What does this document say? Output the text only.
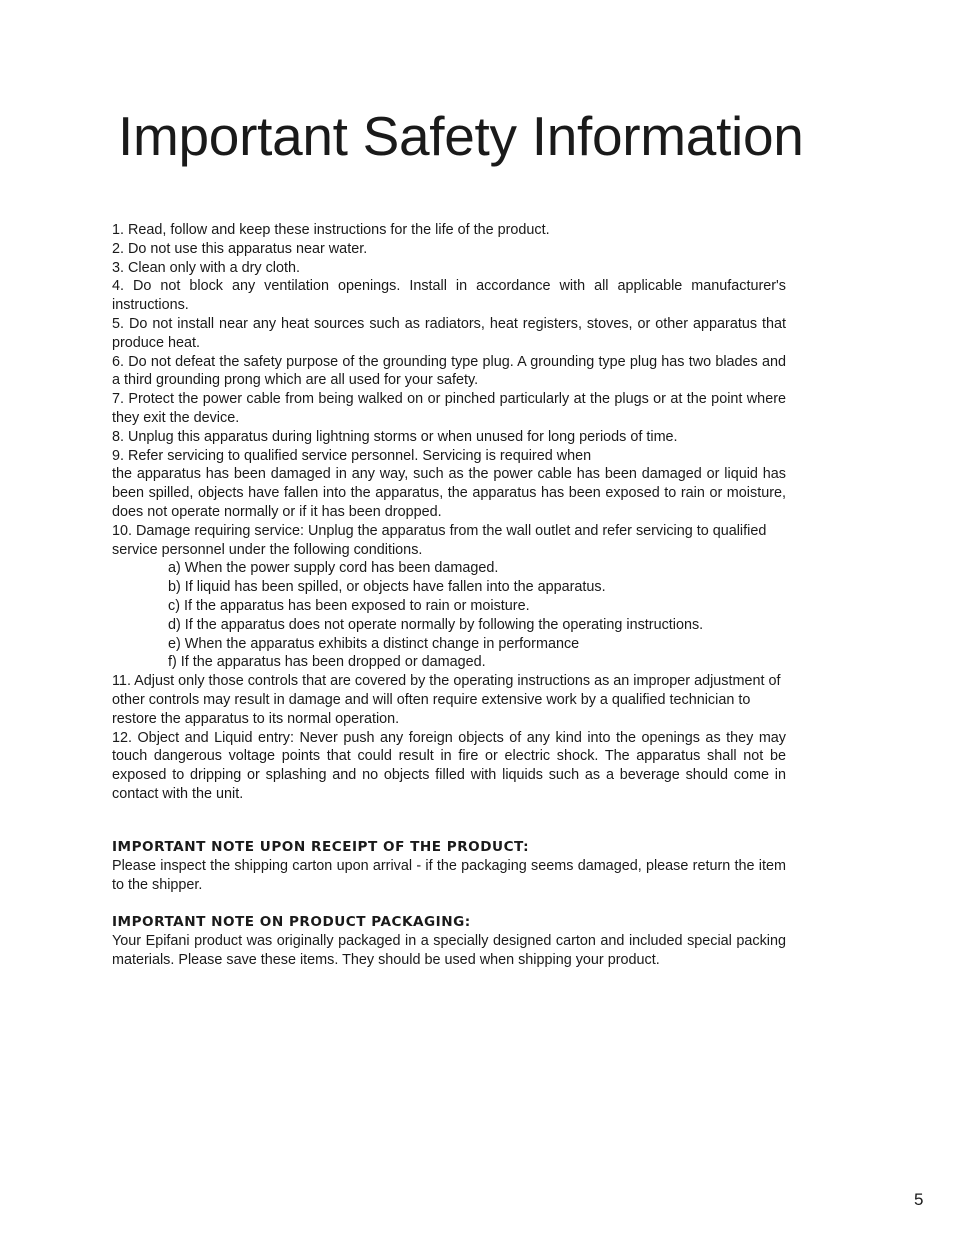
Important Safety Information

1. Read, follow and keep these instructions for the life of the product.

2. Do not use this apparatus near water.

3. Clean only with a dry cloth.

4. Do not block any ventilation openings. Install in accordance with all applicable manufacturer's instructions.

5. Do not install near any heat sources such as radiators, heat registers, stoves, or other apparatus that produce heat.

6. Do not defeat the safety purpose of the grounding type plug. A grounding type plug has two blades and a third grounding prong which are all used for your safety.

7. Protect the power cable from being walked on or pinched particularly at the plugs or at the point where they exit the device.

8. Unplug this apparatus during lightning storms or when unused for long periods of time.

9. Refer servicing to qualified service personnel. Servicing is required when

the apparatus has been damaged in any way, such as the power cable has been damaged or liquid has been spilled, objects have fallen into the apparatus, the apparatus has been exposed to rain or moisture, does not operate normally or if it has been dropped.

10. Damage requiring service: Unplug the apparatus from the wall outlet and refer servicing to qualified service personnel under the following conditions.

a) When the power supply cord has been damaged.

b) If liquid has been spilled, or objects have fallen into the apparatus.

c) If the apparatus has been exposed to rain or moisture.

d) If the apparatus does not operate normally by following the operating instructions.

e) When the apparatus exhibits a distinct change in performance

f) If the apparatus has been dropped or damaged.

11. Adjust only those controls that are covered by the operating instructions as an improper adjustment of other controls may result in damage and will often require extensive work by a qualified technician to restore the apparatus to its normal operation.

12. Object and Liquid entry: Never push any foreign objects of any kind into the openings as they may touch dangerous voltage points that could result in fire or electric shock. The apparatus shall not be exposed to dripping or splashing and no objects filled with liquids such as a beverage should come in contact with the unit.

IMPORTANT NOTE UPON RECEIPT OF THE PRODUCT:

Please inspect the shipping carton upon arrival - if the packaging seems damaged, please return the item to the shipper.

IMPORTANT NOTE ON PRODUCT PACKAGING:

Your Epifani product was originally packaged in a specially designed carton and included special packing materials. Please save these items. They should be used when shipping your product.

5
